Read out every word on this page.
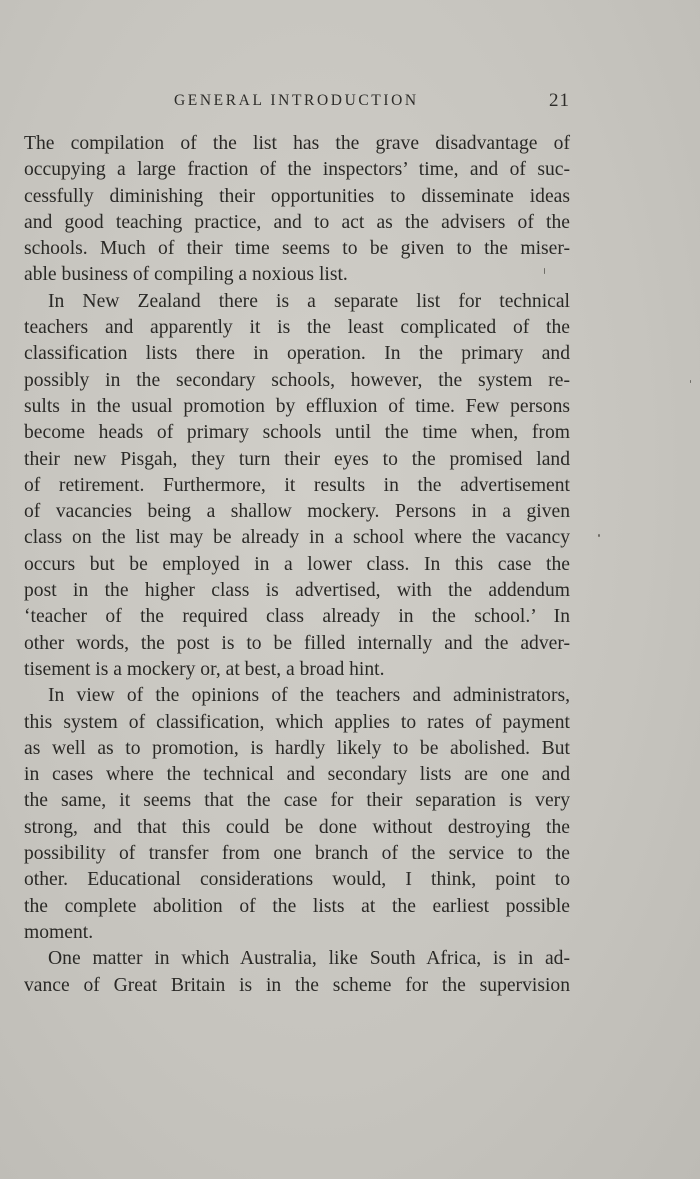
GENERAL INTRODUCTION	21
The compilation of the list has the grave disadvantage of
occupying a large fraction of the inspectors’ time, and of suc-
cessfully diminishing their opportunities to disseminate ideas
and good teaching practice, and to act as the advisers of the
schools. Much of their time seems to be given to the miser-
able business of compiling a noxious list.
In New Zealand there is a separate list for technical
teachers and apparently it is the least complicated of the
classification lists there in operation. In the primary and
possibly in the secondary schools, however, the system re-
sults in the usual promotion by effluxion of time. Few persons
become heads of primary schools until the time when, from
their new Pisgah, they turn their eyes to the promised land
of retirement. Furthermore, it results in the advertisement
of vacancies being a shallow mockery. Persons in a given
class on the list may be already in a school where the vacancy
occurs but be employed in a lower class. In this case the
post in the higher class is advertised, with the addendum
‘teacher of the required class already in the school.’ In
other words, the post is to be filled internally and the adver-
tisement is a mockery or, at best, a broad hint.
In view of the opinions of the teachers and administrators,
this system of classification, which applies to rates of payment
as well as to promotion, is hardly likely to be abolished. But
in cases where the technical and secondary lists are one and
the same, it seems that the case for their separation is very
strong, and that this could be done without destroying the
possibility of transfer from one branch of the service to the
other. Educational considerations would, I think, point to
the complete abolition of the lists at the earliest possible
moment.
One matter in which Australia, like South Africa, is in ad-
vance of Great Britain is in the scheme for the supervision
